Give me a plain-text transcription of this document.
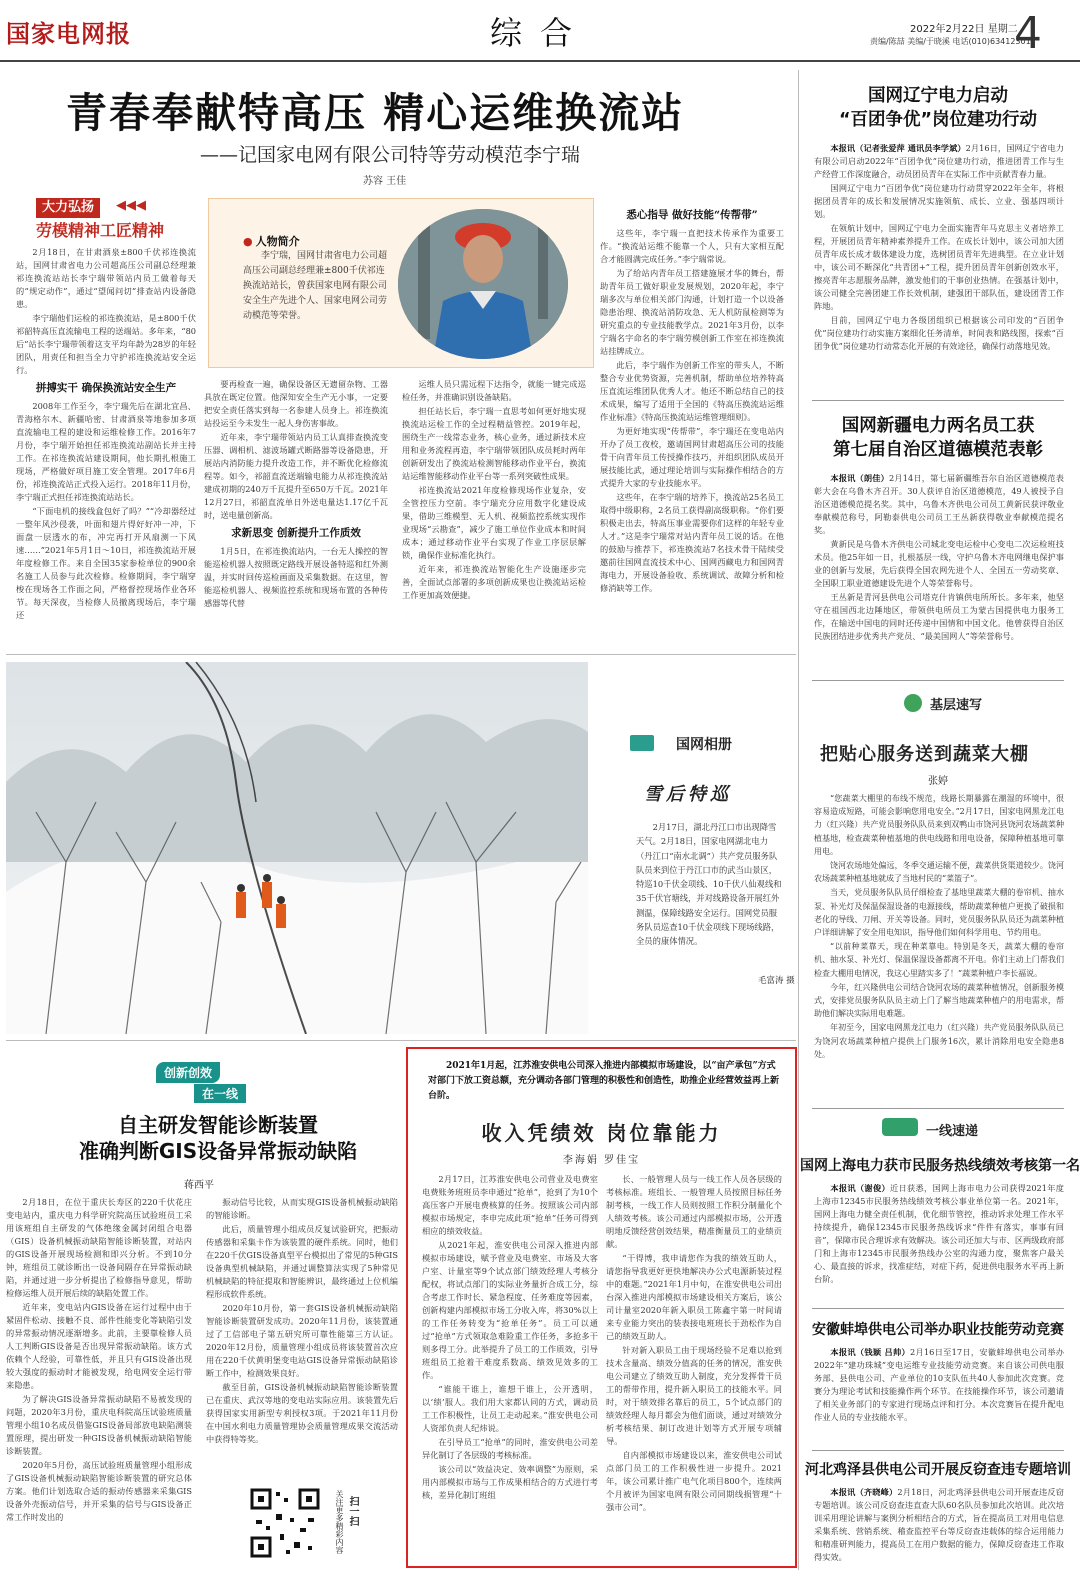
国家电网报	综合	2022年2月22日 星期二
责编/陈喆 美编/于晓溪 电话(010)63412301
4
青春奉献特高压 精心运维换流站
——记国家电网有限公司特等劳动模范李宁瑞
苏容 王佳
大力弘扬	◀◀◀
劳模精神工匠精神

2月18日，在甘肃酒泉±800千伏祁连换流站，国网甘肃省电力公司超高压公司副总经理兼祁连换流站站长李宁瑞带领站内员工做着每天的“规定动作”，通过“望闻问切”排查站内设备隐患。

李宁瑞他们运检的祁连换流站，是±800千伏祁韶特高压直流输电工程的送端站。多年来，“80后”站长李宁瑞带领着这支平均年龄为28岁的年轻团队，用责任和担当全力守护祁连换流站安全运行。

拼搏实干 确保换流站安全生产

2008年工作至今，李宁瑞先后在湖北宜昌、青海格尔木、新疆哈密、甘肃酒泉等地参加多项直流输电工程的建设和运维检修工作。2016年7月份，李宁瑞开始担任祁连换流站副站长并主持工作。在祁连换流站建设期间，他长期扎根施工现场，严格做好项目施工安全管理。2017年6月份，祁连换流站正式投入运行。2018年11月份，李宁瑞正式担任祁连换流站站长。

“下面电机的接线盒包好了吗？”“冷却器经过一整年风沙侵袭，叶面和翅片得好好冲一冲，下面盘一层透水的布，冲完再打开风扇测一下风速……”2021年5月1日～10日，祁连换流站开展年度检修工作。来自全国35家参检单位的900余名施工人员参与此次检修。检修期间，李宁瑞穿梭在现场各工作面之间，严格督控现场作业各环节。每天深夜，当检修人员撤离现场后，李宁瑞还

● 人物简介
李宁瑞，国网甘肃省电力公司超高压公司副总经理兼±800千伏祁连换流站站长，曾获国家电网有限公司安全生产先进个人、国家电网公司劳动模范等荣誉。

要再检查一遍，确保设备区无遗留杂物、工器具放在既定位置。他深知安全生产无小事，一定要把安全责任落实到每一名参建人员身上。祁连换流站投运至今未发生一起人身伤害事故。

近年来，李宁瑞带领站内员工认真排查换流变压器、调相机、滤波场罐式断路器等设备隐患，开展站内消防能力提升改造工作，并不断优化检修流程等。如今，祁韶直流送端输电能力从祁连换流站建成初期的240万千瓦提升至650万千瓦。2021年12月27日，祁韶直流单日外送电量达1.17亿千瓦时，送电量创新高。

求新思变 创新提升工作质效

1月5日，在祁连换流站内，一台无人操控的智能巡检机器人按照既定路线开展设备特巡和红外测温，并实时回传巡检画面及采集数据。在这里，智能巡检机器人、视频监控系统和现场布置的各种传感器等代替

运维人员只需远程下达指令，就能一键完成巡检任务，并准确识别设备缺陷。

担任站长后，李宁瑞一直思考如何更好地实现换流站运检工作的全过程精益管控。2019年起，围绕生产一线常态业务，核心业务，通过新技术应用和业务流程再造，李宁瑞带领团队成员耗时两年创新研发出了换流站检测智能移动作业平台，换流站运维智能移动作业平台等一系列突破性成果。

祁连换流站2021年度检修现场作业复杂，安全管控压力空前。李宁瑞充分应用数字化建设成果，借助三维模型、无人机、视频监控系统实现作业现场“云勘查”，减少了施工单位作业成本和时间成本；通过移动作业平台实现了作业工序层层解锁，确保作业标准化执行。

近年来，祁连换流站智能化生产设施逐步完善，全面试点部署的多项创新成果也让换流站运检工作更加高效便捷。

悉心指导 做好技能“传帮带”

这些年，李宁瑞一直把技术传承作为重要工作。“换流站运维不能靠一个人，只有大家相互配合才能圆满完成任务。”李宁瑞常说。

为了给站内青年员工搭建施展才华的舞台，帮助青年员工做好职业发展规划，2020年起，李宁瑞多次与单位相关部门沟通，计划打造一个以设备隐患治理、换流站消防攻急、无人机防鼠检测等为研究重点的专业技能教学点。2021年3月份，以李宁瑞名字命名的李宁瑞劳模创新工作室在祁连换流站挂牌成立。

此后，李宁瑞作为创新工作室的带头人，不断整合专业优势资源，完善机制，帮助单位培养特高压直流运维团队优秀人才。他还不断总结自己的技术成果，编写了适用于全国的《特高压换流站运维作业标准》《特高压换流站运维管理细则》。

为更好地实现“传帮带”，李宁瑞还在变电站内开办了员工夜校，邀请国网甘肃超高压公司的技能骨干向青年员工传授操作技巧，并组织团队成员开展技能比武，通过理论培训与实际操作相结合的方式提升大家的专业技能水平。

这些年，在李宁瑞的培养下，换流站25名员工取得中级职称，2名员工获得副高级职称。“你们要积极走出去，特高压事业需要你们这样的年轻专业人才。”这是李宁瑞常对站内青年员工说的话。在他的鼓励与推荐下，祁连换流站7名技术骨干陆续受邀前往国网直流技术中心、国网西藏电力和国网青海电力，开展设备验收、系统调试、故障分析和检修消缺等工作。

国网相册
雪后特巡
2月17日，湖北丹江口市出现降雪天气。2月18日，国家电网湖北电力（丹江口“南水北调”）共产党员服务队队员来到位于丹江口市的武当山景区，特巡10千伏金项线、10千伏八仙观线和35千伏官塘线，并对线路设备开展红外测温，保障线路安全运行。国网党员服务队员巡查10千伏金项线下现场线路，全员的康体情况。
毛富涛 摄
创新创效
在一线
自主研发智能诊断装置
准确判断GIS设备异常振动缺陷
蒋西平

2月18日，在位于重庆长寿区的220千伏花庄变电站内，重庆电力科学研究院高压试验班员工采用该班组自主研发的气体绝缘金属封闭组合电器（GIS）设备机械振动缺陷智能诊断装置，对站内的GIS设备开展现场检测和即兴分析。不到10分钟，班组员工就诊断出一设备间隔存在异常振动缺陷，并通过进一步分析提出了检修指导意见，帮助检修运维人员开展后续的缺陷处置工作。

近年来，变电站内GIS设备在运行过程中由于紧固件松动、接触不良、部件性能变化等缺陷引发的异常振动情况逐渐增多。此前，主要靠检修人员人工判断GIS设备是否出现异常振动缺陷。该方式依赖个人经验，可靠性低，并且只有GIS设备出现较大强度的振动时才能被发现，给电网安全运行带来隐患。

为了解决GIS设备异常振动缺陷不易被发现的问题，2020年3月份，重庆电科院高压试验班质量管理小组10名成员借鉴GIS设备局部放电缺陷测装置原理，提出研发一种GIS设备机械振动缺陷智能诊断装置。

2020年5月份，高压试验班质量管理小组形成了GIS设备机械振动缺陷智能诊断装置的研究总体方案。他们计划选取合适的振动传感器来采集GIS设备外壳振动信号，并开采集的信号与GIS设备正常工作时发出的

振动信号比较，从而实现GIS设备机械振动缺陷的智能诊断。

此后，质量管理小组成员反复试验研究，把振动传感器和采集卡作为该装置的硬件系统。同时，他们在220千伏GIS设备真型平台模拟出了常见的5种GIS设备典型机械缺陷，并通过调整算法实现了5种常见机械缺陷的特征提取和智能辨识，最终通过上位机编程形成软件系统。

2020年10月份，第一套GIS设备机械振动缺陷智能诊断装置研发成功。2020年11月份，该装置通过了工信部电子第五研究所可靠性能第三方认证。2020年12月份，质量管理小组成员将该装置首次应用在220千伏黄明堡变电站GIS设备异常振动缺陷诊断工作中，检测效果良好。

截至目前，GIS设备机械振动缺陷智能诊断装置已在重庆、武汉等地的变电站实际应用。该装置先后获得国家实用新型专利授权3项。于2021年11月份在中国水利电力质量管理协会质量管理成果交流活动中获得特等奖。

关注更多精彩内容 扫一扫
2021年1月起，江苏淮安供电公司深入推进内部模拟市场建设，以“亩产承包”方式对部门下放工资总额，充分调动各部门管理的积极性和创造性，助推企业经营效益再上新台阶。
收入凭绩效 岗位靠能力
李海娟 罗佳宝

2月17日，江苏淮安供电公司营业及电费室电费账务班班员李申通过“抢单”，抢到了为10个高压客户开展电费核算的任务。按照该公司内部模拟市场规定，李申完成此项“抢单”任务可得到相应的绩效收益。

从2021年起，淮安供电公司深入推进内部模拟市场建设，赋予营业及电费室、市场及大客户室、计量室等9个试点部门绩效经理人考核分配权，将试点部门的实际业务量折合成工分，综合考虑工作时长、紧急程度、任务难度等因素，创新构建内部模拟市场工分收入库，将30%以上的工作任务转变为“抢单任务”。员工可以通过“抢单”方式领取急难险重工作任务，多抢多干则多得工分。此举提升了员工的工作质效，引导班组员工抢着干难度系数高、绩效见效多的工作。

“谁能干谁上，谁想干谁上，公开透明，以‘绩’服人。我们用大家都认同的方式，调动员工工作积极性，让员工走动起来。”淮安供电公司人资部负责人纪炜说。

在引导员工“抢单”的同时，淮安供电公司差异化制订了各层级的考核标准。

该公司以“效益决定、效率调整”为原则，采用内部模拟市场与工作成果相结合的方式进行考核，差异化制订班组

长、一般管理人员与一线工作人员各层级的考核标准。班组长、一般管理人员按照目标任务制考核，一线工作人员则按照工作积分制量化个人绩效考核。该公司通过内部模拟市场，公开透明地反馈经营创效结果，精准衡量员工的业绩贡献。

“干得博，我申请您作为我的绩效互助人，请您指导我更好更快地解决办公式电源新装过程中的难题。”2021年1月中旬，在淮安供电公司出台深入推进内部模拟市场建设相关方案后，该公司计量室2020年新入职员工陈鑫宇第一时间请来专业能力突出的装表接电班班长于劲松作为自己的绩效互助人。

针对新入职员工由于现场经验不足难以抢到技术含量高、绩效分值高的任务的情况，淮安供电公司建立了绩效互助人制度，充分发挥骨干员工的帮带作用，提升新入职员工的技能水平。同时，对于绩效排名靠后的员工，5个试点部门的绩效经理人每月都会为他们面谈，通过对绩效分析考核结果、制订改进计划等方式开展专项辅导。

自内部模拟市场建设以来，淮安供电公司试点部门员工的工作积极性进一步提升。2021年，该公司累计推广电气化项目800个，连续两个月被评为国家电网有限公司同期线损管理“十强市公司”。

国网辽宁电力启动
“百团争优”岗位建功行动

本报讯（记者张爱萍 通讯员李学斌）2月16日，国网辽宁省电力有限公司启动2022年“百团争优”岗位建功行动，推进团青工作与生产经营工作深度融合，动员团员青年在实际工作中贡献青春力量。

国网辽宁电力“百团争优”岗位建功行动贯穿2022年全年，将根据团员青年的成长和发展情况实施领航、成长、立业、强基四项计划。

在领航计划中，国网辽宁电力全面实施青年马克思主义者培养工程，开展团员青年精神素养提升工作。在成长计划中，该公司加大团员青年成长成才载体建设力度，选树团员青年先进典型。在立业计划中，该公司不断深化“共青团+”工程，提升团员青年创新创效水平，擦亮青年志愿服务品牌，激发他们的干事创业热情。在强基计划中，该公司健全完善团建工作长效机制，建强团干部队伍，建设团青工作阵地。

目前，国网辽宁电力各级团组织已根据该公司印发的“百团争优”岗位建功行动实施方案细化任务清单，时间表和路线图，探索“百团争优”岗位建功行动常态化开展的有效途径，确保行动落地见效。

国网新疆电力两名员工获
第七届自治区道德模范表彰

本报讯（朗佳）2月14日，第七届新疆维吾尔自治区道德模范表彰大会在乌鲁木齐召开。30人获评自治区道德模范，49人被授予自治区道德模范提名奖。其中，乌鲁木齐供电公司员工黄新民获评敬业奉献模范称号，阿勒泰供电公司员工王丛新获得敬业奉献模范提名奖。

黄新民是乌鲁木齐供电公司城北变电运检中心变电二次运检班技术员。他25年如一日，扎根基层一线，守护乌鲁木齐电网继电保护事业的创新与发展，先后获得全国农网先进个人、全国五一劳动奖章、全国职工职业道德建设先进个人等荣誉称号。

王丛新是青河县供电公司塔克什肯镇供电所所长。多年来，他坚守在祖国西北边陲地区，带领供电所员工为蒙古国提供电力服务工作，在输送中国电的同时还传递中国情和中国文化。他曾获得自治区民族团结进步优秀共产党员、“最美国网人”等荣誉称号。

基层速写
把贴心服务送到蔬菜大棚
张婷

“您蔬菜大棚里的布线不规范，线路长期暴露在潮湿的环境中，很容易造成短路，可能会影响您用电安全。”2月17日，国家电网黑龙江电力（红兴隆）共产党员服务队队员来到双鸭山市饶河县饶河农场蔬菜种植基地，检查蔬菜种植基地的供电线路和用电设备，保障种植基地可靠用电。

饶河农场地处偏远，冬季交通运输不便，蔬菜供货渠道较少。饶河农场蔬菜种植基地就成了当地村民的“菜篮子”。

当天，党员服务队队员仔细检查了基地里蔬菜大棚的卷帘机、抽水泵、补光灯及保温保湿设备的电源接线，帮助蔬菜种植户更换了破损和老化的导线、刀闸、开关等设备。同时，党员服务队队员还为蔬菜种植户详细讲解了安全用电知识，指导他们如何科学用电、节约用电。

“以前种菜靠天，现在种菜靠电。特别是冬天，蔬菜大棚的卷帘机、抽水泵、补光灯、保温保湿设备都离不开电。你们主动上门帮我们检查大棚用电情况，我这心里踏实多了！”蔬菜种植户李长福说。

今年，红兴隆供电公司结合饶河农场的蔬菜种植情况，创新服务模式，安排党员服务队队员主动上门了解当地蔬菜种植户的用电需求，帮助他们解决实际用电难题。

年初至今，国家电网黑龙江电力（红兴隆）共产党员服务队队员已为饶河农场蔬菜种植户提供上门服务16次，累计消除用电安全隐患8处。

一线速递
国网上海电力获市民服务热线绩效考核第一名

本报讯（谢俊）近日获悉，国网上海市电力公司获得2021年度上海市12345市民服务热线绩效考核公事业单位第一名。2021年，国网上海电力健全责任机制，优化细节管控，推动诉求处理工作水平持续提升，确保12345市民服务热线诉求“件件有落实，事事有回音”，保障市民合理诉求有效解决。该公司还加大与市、区两级政府部门和上海市12345市民服务热线办公室的沟通力度，聚焦客户最关心、最直接的诉求，找准症结，对症下药，促进供电服务水平再上新台阶。

安徽蚌埠供电公司举办职业技能劳动竞赛

本报讯（钱颖 吕帅）2月16日至17日，安徽蚌埠供电公司举办2022年“建功珠城”变电运维专业技能劳动竞赛。来自该公司供电服务部、县供电公司、产业单位的10支队伍共40人参加此次竞赛。竞赛分为理论考试和技能操作两个环节。在技能操作环节，该公司邀请了相关业务部门的专家进行现场点评和打分。本次竞赛旨在提升配电作业人员的专业技能水平。

河北鸡泽县供电公司开展反窃查违专题培训

本报讯（齐晓峰）2月18日，河北鸡泽县供电公司开展查违反窃专题培训。该公司反窃查违直查大队60名队员参加此次培训。此次培训采用理论讲解与案例分析相结合的方式，旨在提高员工对用电信息采集系统、营销系统、稽查监控平台等反窃查违载体的综合运用能力和精准研判能力，提高员工在用户数据的能力，保障反窃查违工作取得实效。
